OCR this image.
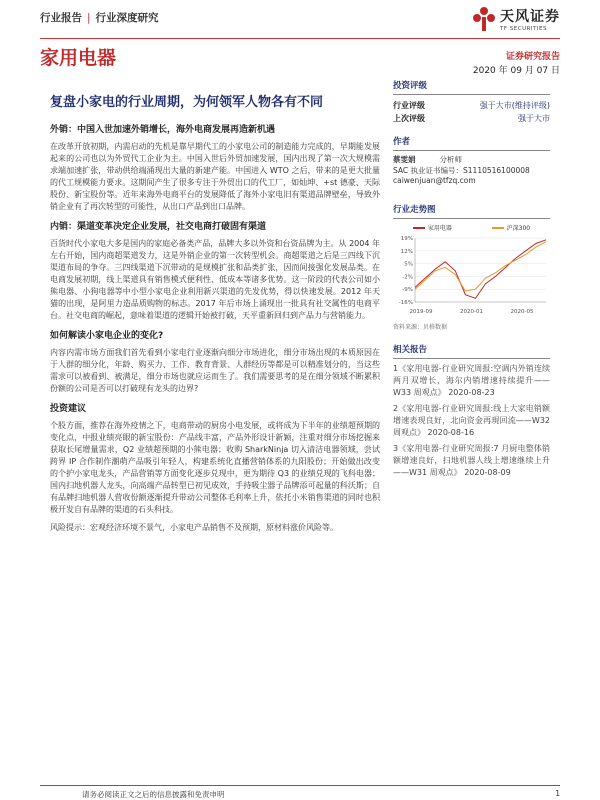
行业报告 | 行业深度研究	天风证券
TF SECURITIES
家用电器	证券研究报告
2020 年 09 月 07 日
复盘小家电的行业周期，为何领军人物各有不同
外销：中国入世加速外销增长，海外电商发展再造新机遇
在改革开放初期，内需启动的先机是靠早期代工的小家电公司的制造能力完成的，早期能发展起来的公司也以为外贸代工企业为主。中国入世后外贸加速发展，国内出现了第一次大规模需求端加速扩张，带动供给端涌现出大量的新建产能。中国进入 WTO 之后，带来的是更大批量的代工规模能力要求。这期间产生了很多专注于外贸出口的代工厂，如灿坤、+st 德豪、天际股份、新宝股份等。近年来海外电商平台的发展降低了海外小家电旧有渠道品牌壁垒，导致外销企业有了再次转型的可能性，从出口产品到出口品牌。
内销：渠道变革决定企业发展，社交电商打破固有渠道
百货时代小家电大多是国内的家庭必备类产品，品牌大多以外资和台资品牌为主。从 2004 年左右开始，国内商超渠道发力，这是外销企业的第一次转型机会。商超渠道之后是三四线下沉渠道布局的争夺。三四线渠道下沉带动的是规模扩张和品类扩张，因而间接强化发展品类。在电商发展初期，线上渠道具有销售模式便利性、低成本等诸多优势。这一阶段的代表公司如小熊电器、小狗电器等中小型小家电企业利用新兴渠道的先发优势，得以快速发展。2012 年天猫的出现，是阿里力造品质购物的标志。2017 年后市场上涌现出一批具有社交属性的电商平台。社交电商的崛起，意味着渠道的逻辑开始被打破，天平重新回归到产品力与营销能力。
如何解读小家电企业的变化?
内容内需市场方面我们首先看到小家电行业逐渐向细分市场进化，细分市场出现的本质原因在于人群的细分化，年龄、购买力、工作、教育背景、人群经历等都是可以精准划分的，当这些需求可以被看到、被满足，细分市场也就应运而生了。我们需要思考的是在细分领域不断累积份额的公司是否可以打破现有龙头的边界?
投资建议
个股方面，推荐在海外疫情之下，电商带动的厨房小电发展，或将成为下半年的业绩超预期的变化点，中报业绩亮眼的新宝股份：产品线丰富，产品外形设计新颖，注重对细分市场挖掘来获取长尾增量需求，Q2 业绩超预期的小熊电器；收购 SharkNinja 切入清洁电器领域，尝试跨界 IP 合作制作潮萌产品吸引年轻人，构建系统化直播营销体系的九阳股份；开始做出改变的个护小家电龙头，产品营销等方面变化逐步兑现中，更为期待 Q3 的业绩兑现的飞科电器；国内扫地机器人龙头，向高端产品转型已初见成效，手持吸尘器子品牌添可起量的科沃斯；自有品牌扫地机器人营收份额逐渐提升带动公司整体毛利率上升，依托小米销售渠道的同时也积极开发自有品牌的渠道的石头科技。
风险提示：宏观经济环境不景气，小家电产品销售不及预期，原材料涨价风险等。
投资评级
行业评级	强于大市(维持评级)
上次评级	强于大市
作者
蔡雯娟	分析师
SAC 执业证书编号：S1110516100008
caiwenjuan@tfzq.com
行业走势图
家用电器	沪深300
19%
12%
5%
-2%
-9%
-16%
2019-09	2020-01	2020-05
资料来源：贝格数据
相关报告
1《家用电器-行业研究周报:空调内外销连续两月双增长，海尔内销增速持续提升——W33 周观点》 2020-08-23
2《家用电器-行业研究周报:线上大家电销额增速表现良好，北向资金再現回流——W32 周观点》 2020-08-16
3《家用电器-行业研究周报:7 月厨电整体销额增速良好，扫地机器人线上增速继续上升——W31 周观点》 2020-08-09
请务必阅读正文之后的信息披露和免责申明	1
